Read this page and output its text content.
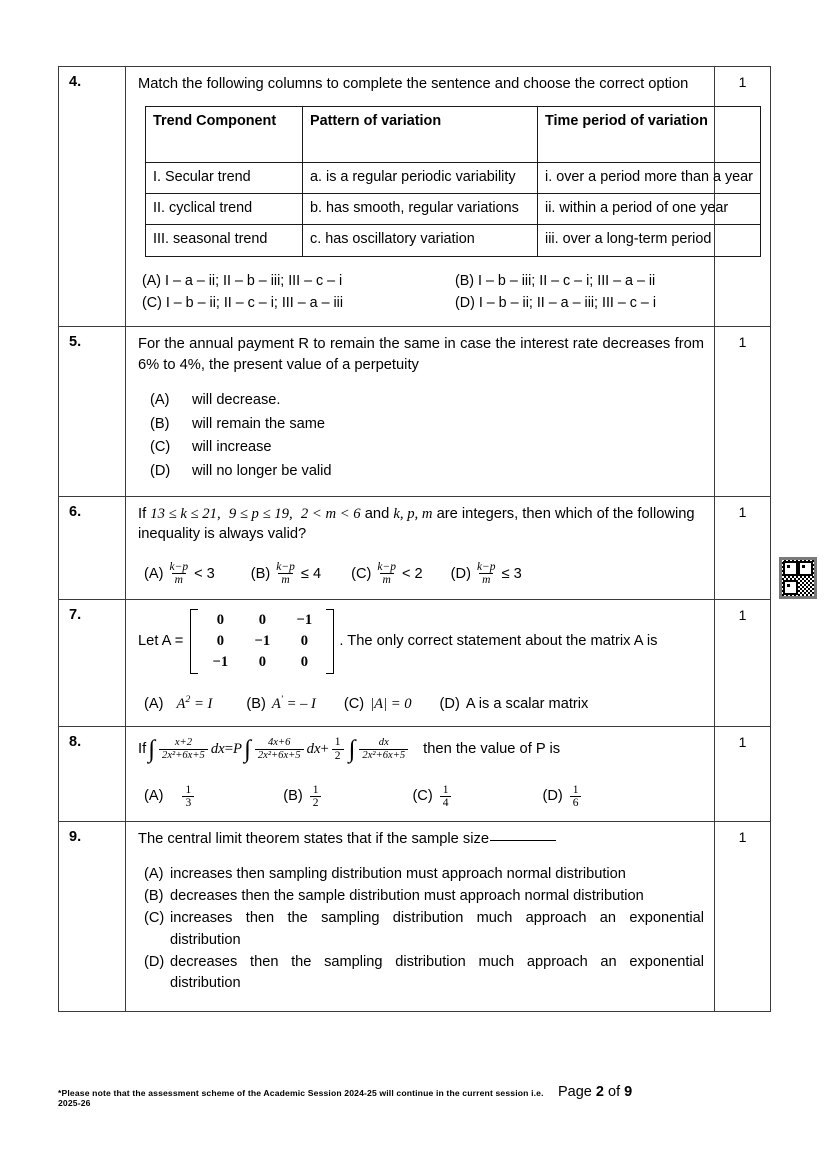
4.	Match the following columns to complete the sentence and choose the correct option
Trend Component	Pattern of variation	Time period of variation
I. Secular trend	a. is a regular periodic variability	i. over a period more than a year
II. cyclical trend	b. has smooth, regular variations	ii. within a period of one year
III. seasonal trend	c. has oscillatory variation	iii. over a long-term period
(A) I – a – ii; II – b – iii; III – c – i	(B) I – b – iii; II – c – i; III – a – ii
(C) I – b – ii; II – c – i; III – a – iii	(D) I – b – ii; II – a – iii; III – c – i

1

5.	For the annual payment R to remain the same in case the interest rate decreases from 6% to 4%, the present value of a perpetuity
(A)	will decrease.
(B)	will remain the same
(C)	will increase
(D)	will no longer be valid

1

6.	If 13 ≤ k ≤ 21, 9 ≤ p ≤ 19, 2 < m < 6 and k, p, m are integers, then which of the following inequality is always valid?
$(A) \frac{k-p}{m} < 3$ $(B) \frac{k-p}{m} \le 4$ $(C) \frac{k-p}{m} < 2$ $(D) \frac{k-p}{m} \le 3$

1

7.

Let A =
0	0	−1
0	−1	0
−1	0	0
. The only correct statement about the matrix A is
(A) $A^2 = I$ (B) A′ = – I (C) |A| = 0 (D) A is a scalar matrix

1

8.	If ∫ $\frac{x+2}{\text{2x²+6x+5}}$ dx = P ∫ $\frac{4x+6}{\text{2x²+6x+5}}$ dx + $\frac{1}{2}$ ∫ $\frac{dx}{\text{2x²+6x+5}}$ then the value of P is
$(A) \frac{1}{3}$	$(B) \frac{1}{2}$	$(C) \frac{1}{4}$	$(D) \frac{1}{6}$

1

9.	The central limit theorem states that if the sample size
(A) increases then sampling distribution must approach normal distribution
(B) decreases then the sample distribution must approach normal distribution
(C) increases then the sampling distribution much approach an exponential distribution
(D) decreases then the sampling distribution much approach an exponential distribution

1
*Please note that the assessment scheme of the Academic Session 2024-25 will continue in the current session i.e. 2025-26
Page 2 of 9
